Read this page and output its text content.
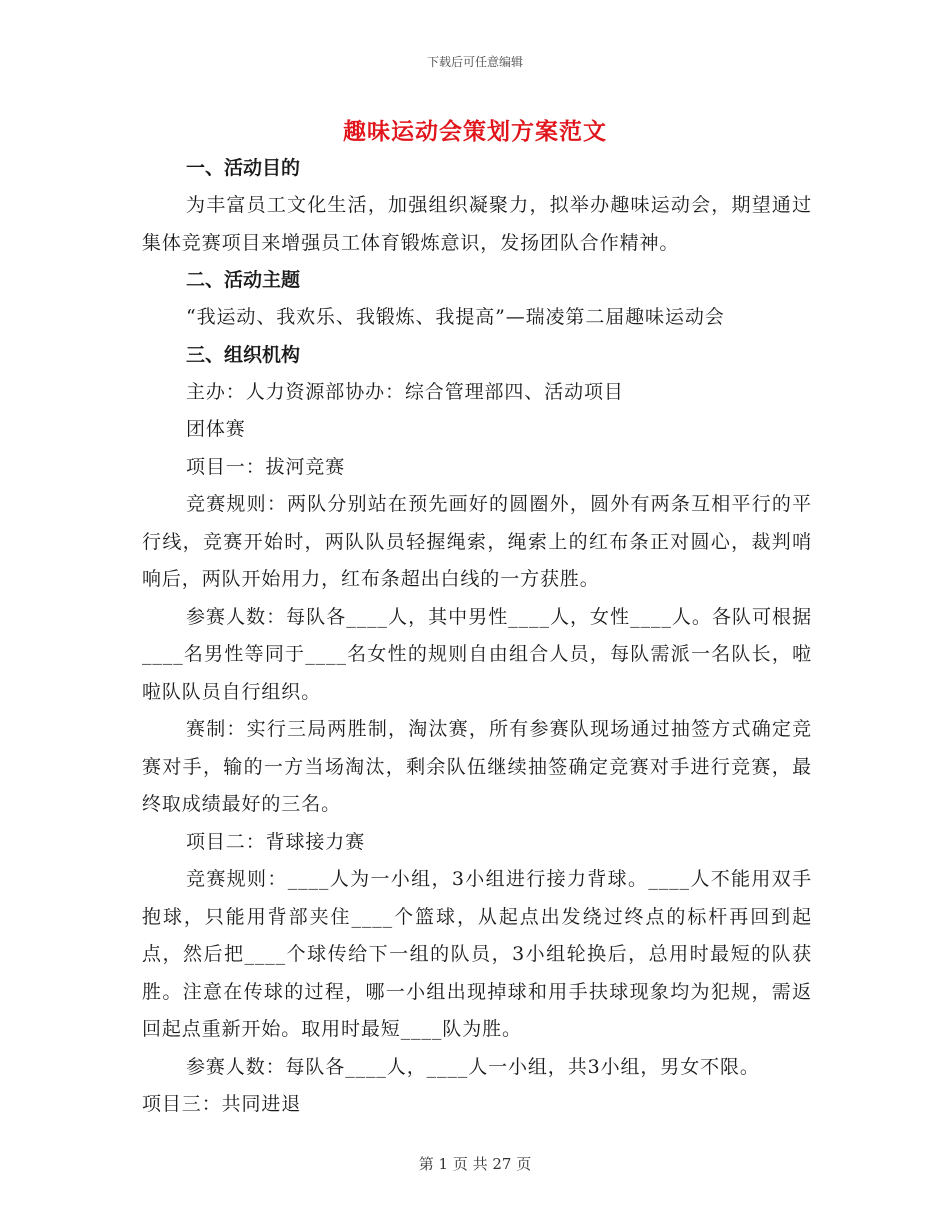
下载后可任意编辑
趣味运动会策划方案范文
一、活动目的

为丰富员工文化生活，加强组织凝聚力，拟举办趣味运动会，期望通过集体竞赛项目来增强员工体育锻炼意识，发扬团队合作精神。

二、活动主题

“我运动、我欢乐、我锻炼、我提高”—瑞凌第二届趣味运动会

三、组织机构

主办：人力资源部协办：综合管理部四、活动项目

团体赛

项目一：拔河竞赛

竞赛规则：两队分别站在预先画好的圆圈外，圆外有两条互相平行的平行线，竞赛开始时，两队队员轻握绳索，绳索上的红布条正对圆心，裁判哨响后，两队开始用力，红布条超出白线的一方获胜。

参赛人数：每队各____人，其中男性____人，女性____人。各队可根据____名男性等同于____名女性的规则自由组合人员，每队需派一名队长，啦啦队队员自行组织。

赛制：实行三局两胜制，淘汰赛，所有参赛队现场通过抽签方式确定竞赛对手，输的一方当场淘汰，剩余队伍继续抽签确定竞赛对手进行竞赛，最终取成绩最好的三名。

项目二：背球接力赛

竞赛规则：____人为一小组，3小组进行接力背球。____人不能用双手抱球，只能用背部夹住____个篮球，从起点出发绕过终点的标杆再回到起点，然后把____个球传给下一组的队员，3小组轮换后，总用时最短的队获胜。注意在传球的过程，哪一小组出现掉球和用手扶球现象均为犯规，需返回起点重新开始。取用时最短____队为胜。

参赛人数：每队各____人，____人一小组，共3小组，男女不限。

项目三：共同进退

第 1 页 共 27 页
